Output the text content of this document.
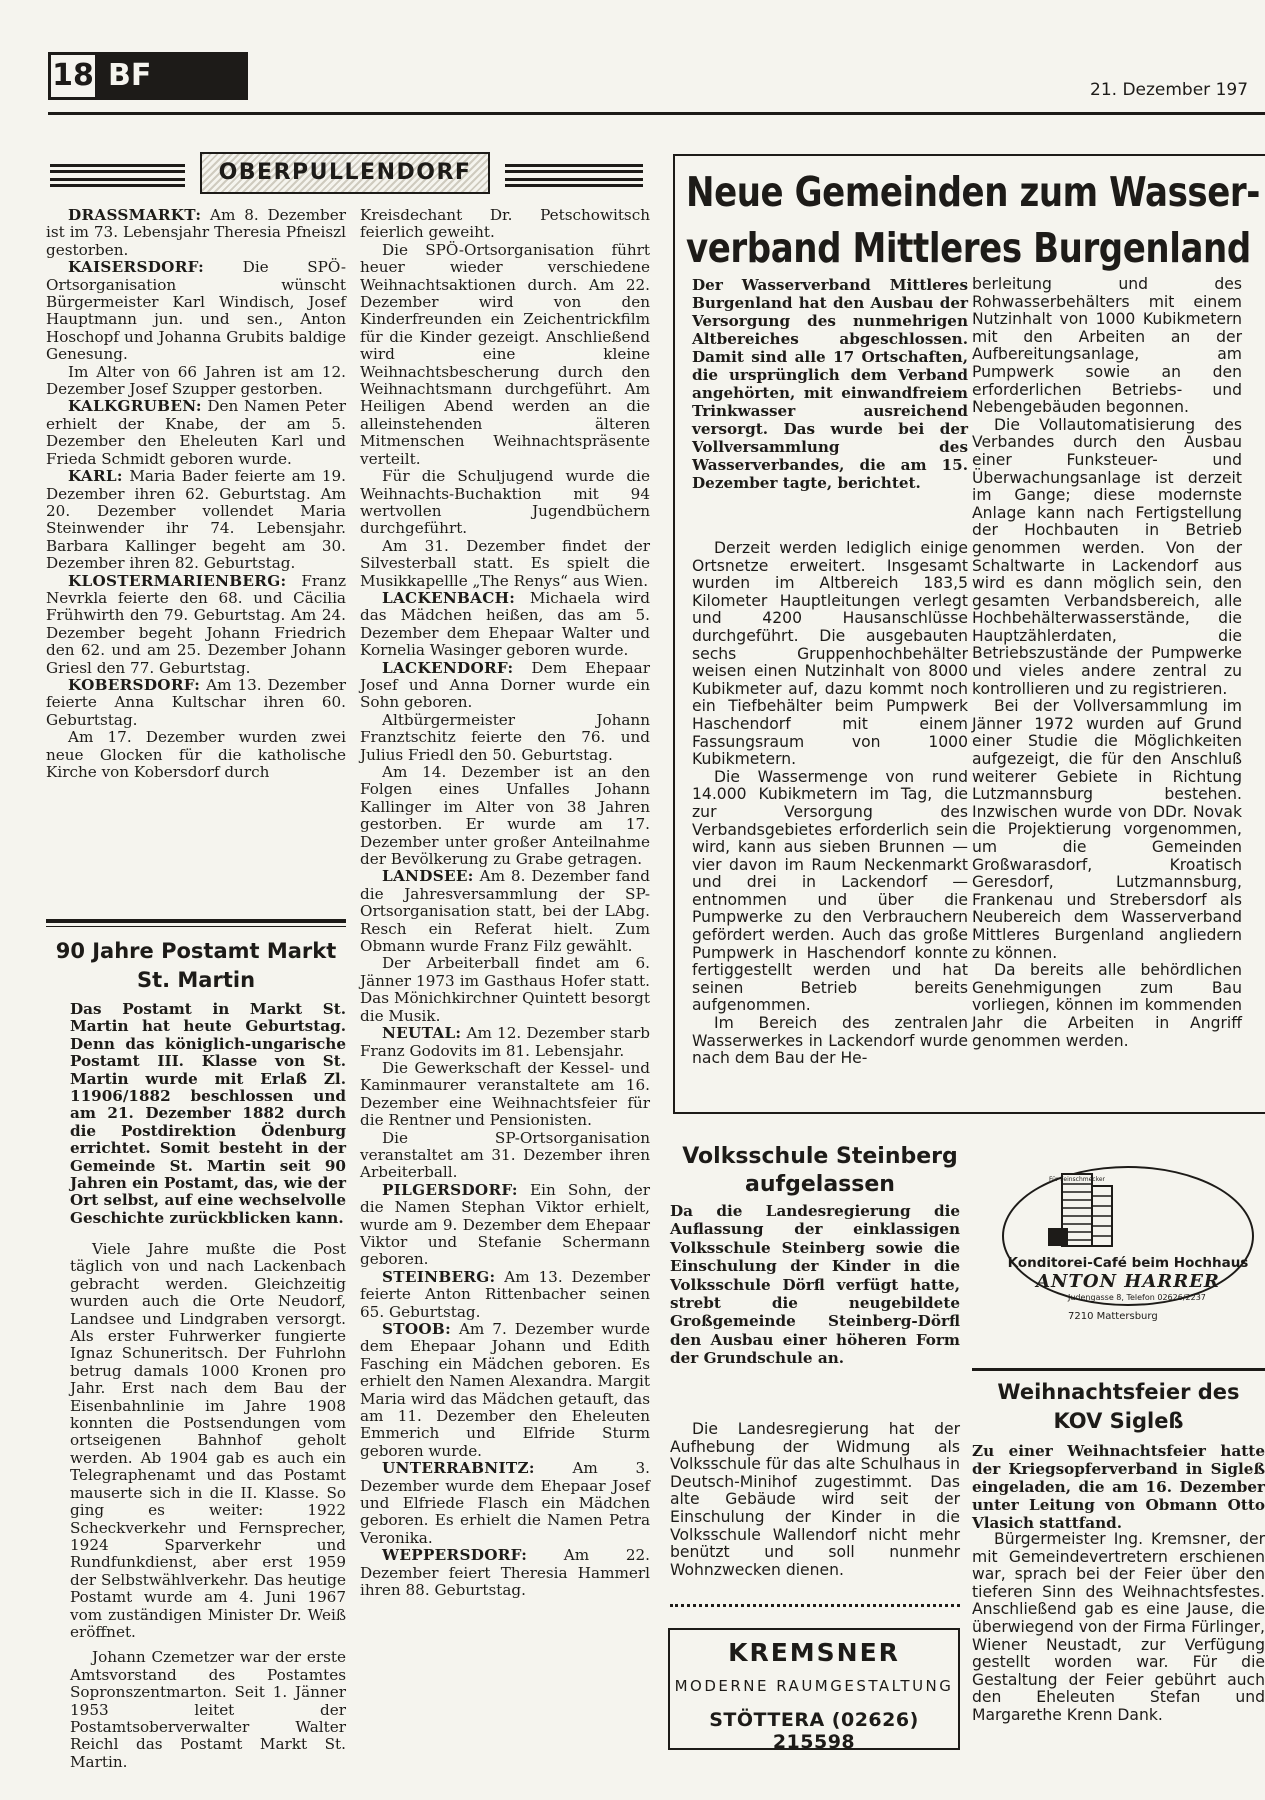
18 BF	21. Dezember 197
OBERPULLENDORF

DRASSMARKT: Am 8. Dezember ist im 73. Lebensjahr Theresia Pfneiszl gestorben.

KAISERSDORF: Die SPÖ-Ortsorganisation wünscht Bürgermeister Karl Windisch, Josef Hauptmann jun. und sen., Anton Hoschopf und Johanna Grubits baldige Genesung.

Im Alter von 66 Jahren ist am 12. Dezember Josef Szupper gestorben.

KALKGRUBEN: Den Namen Peter erhielt der Knabe, der am 5. Dezember den Eheleuten Karl und Frieda Schmidt geboren wurde.

KARL: Maria Bader feierte am 19. Dezember ihren 62. Geburtstag. Am 20. Dezember vollendet Maria Steinwender ihr 74. Lebensjahr. Barbara Kallinger begeht am 30. Dezember ihren 82. Geburtstag.

KLOSTERMARIENBERG: Franz Nevrkla feierte den 68. und Cäcilia Frühwirth den 79. Geburtstag. Am 24. Dezember begeht Johann Friedrich den 62. und am 25. Dezember Johann Griesl den 77. Geburtstag.

KOBERSDORF: Am 13. Dezember feierte Anna Kultschar ihren 60. Geburtstag.

Am 17. Dezember wurden zwei neue Glocken für die katholische Kirche von Kobersdorf durch

Kreisdechant Dr. Petschowitsch feierlich geweiht.

Die SPÖ-Ortsorganisation führt heuer wieder verschiedene Weihnachtsaktionen durch. Am 22. Dezember wird von den Kinderfreunden ein Zeichentrickfilm für die Kinder gezeigt. Anschließend wird eine kleine Weihnachtsbescherung durch den Weihnachtsmann durchgeführt. Am Heiligen Abend werden an die alleinstehenden älteren Mitmenschen Weihnachtspräsente verteilt.

Für die Schuljugend wurde die Weihnachts-Buchaktion mit 94 wertvollen Jugendbüchern durchgeführt.

Am 31. Dezember findet der Silvesterball statt. Es spielt die Musikkapellle „The Renys“ aus Wien.

LACKENBACH: Michaela wird das Mädchen heißen, das am 5. Dezember dem Ehepaar Walter und Kornelia Wasinger geboren wurde.

LACKENDORF: Dem Ehepaar Josef und Anna Dorner wurde ein Sohn geboren.

Altbürgermeister Johann Franztschitz feierte den 76. und Julius Friedl den 50. Geburtstag.

Am 14. Dezember ist an den Folgen eines Unfalles Johann Kallinger im Alter von 38 Jahren gestorben. Er wurde am 17. Dezember unter großer Anteilnahme der Bevölkerung zu Grabe getragen.

LANDSEE: Am 8. Dezember fand die Jahresversammlung der SP-Ortsorganisation statt, bei der LAbg. Resch ein Referat hielt. Zum Obmann wurde Franz Filz gewählt.

Der Arbeiterball findet am 6. Jänner 1973 im Gasthaus Hofer statt. Das Mönichkirchner Quintett besorgt die Musik.

NEUTAL: Am 12. Dezember starb Franz Godovits im 81. Lebensjahr.

Die Gewerkschaft der Kessel- und Kaminmaurer veranstaltete am 16. Dezember eine Weihnachtsfeier für die Rentner und Pensionisten.

Die SP-Ortsorganisation veranstaltet am 31. Dezember ihren Arbeiterball.

PILGERSDORF: Ein Sohn, der die Namen Stephan Viktor erhielt, wurde am 9. Dezember dem Ehepaar Viktor und Stefanie Schermann geboren.

STEINBERG: Am 13. Dezember feierte Anton Rittenbacher seinen 65. Geburtstag.

STOOB: Am 7. Dezember wurde dem Ehepaar Johann und Edith Fasching ein Mädchen geboren. Es erhielt den Namen Alexandra. Margit Maria wird das Mädchen getauft, das am 11. Dezember den Eheleuten Emmerich und Elfride Sturm geboren wurde.

UNTERRABNITZ: Am 3. Dezember wurde dem Ehepaar Josef und Elfriede Flasch ein Mädchen geboren. Es erhielt die Namen Petra Veronika.

WEPPERSDORF: Am 22. Dezember feiert Theresia Hammerl ihren 88. Geburtstag.

90 Jahre Postamt Markt
St. Martin
Das Postamt in Markt St. Martin hat heute Geburtstag. Denn das königlich-ungarische Postamt III. Klasse von St. Martin wurde mit Erlaß Zl. 11906/1882 beschlossen und am 21. Dezember 1882 durch die Postdirektion Ödenburg errichtet. Somit besteht in der Gemeinde St. Martin seit 90 Jahren ein Postamt, das, wie der Ort selbst, auf eine wechselvolle Geschichte zurückblicken kann.

Viele Jahre mußte die Post täglich von und nach Lackenbach gebracht werden. Gleichzeitig wurden auch die Orte Neudorf, Landsee und Lindgraben versorgt. Als erster Fuhrwerker fungierte Ignaz Schuneritsch. Der Fuhrlohn betrug damals 1000 Kronen pro Jahr. Erst nach dem Bau der Eisenbahnlinie im Jahre 1908 konnten die Postsendungen vom ortseigenen Bahnhof geholt werden. Ab 1904 gab es auch ein Telegraphenamt und das Postamt mauserte sich in die II. Klasse. So ging es weiter: 1922 Scheckverkehr und Fernsprecher, 1924 Sparverkehr und Rundfunkdienst, aber erst 1959 der Selbstwählverkehr. Das heutige Postamt wurde am 4. Juni 1967 vom zuständigen Minister Dr. Weiß eröffnet.

Johann Czemetzer war der erste Amtsvorstand des Postamtes Sopronszentmarton. Seit 1. Jänner 1953 leitet der Postamtsoberverwalter Walter Reichl das Postamt Markt St. Martin.

Neue Gemeinden zum Wasser-
verband Mittleres Burgenland
Der Wasserverband Mittleres Burgenland hat den Ausbau der Versorgung des nunmehrigen Altbereiches abgeschlossen. Damit sind alle 17 Ortschaften, die ursprünglich dem Verband angehörten, mit einwandfreiem Trinkwasser ausreichend versorgt. Das wurde bei der Vollversammlung des Wasserverbandes, die am 15. Dezember tagte, berichtet.

Derzeit werden lediglich einige Ortsnetze erweitert. Insgesamt wurden im Altbereich 183,5 Kilometer Hauptleitungen verlegt und 4200 Hausanschlüsse durchgeführt. Die ausgebauten sechs Gruppenhochbehälter weisen einen Nutzinhalt von 8000 Kubikmeter auf, dazu kommt noch ein Tiefbehälter beim Pumpwerk Haschendorf mit einem Fassungsraum von 1000 Kubikmetern.

Die Wassermenge von rund 14.000 Kubikmetern im Tag, die zur Versorgung des Verbandsgebietes erforderlich sein wird, kann aus sieben Brunnen — vier davon im Raum Neckenmarkt und drei in Lackendorf — entnommen und über die Pumpwerke zu den Verbrauchern gefördert werden. Auch das große Pumpwerk in Haschendorf konnte fertiggestellt werden und hat seinen Betrieb bereits aufgenommen.

Im Bereich des zentralen Wasserwerkes in Lackendorf wurde nach dem Bau der He-

berleitung und des Rohwasserbehälters mit einem Nutzinhalt von 1000 Kubikmetern mit den Arbeiten an der Aufbereitungsanlage, am Pumpwerk sowie an den erforderlichen Betriebs- und Nebengebäuden begonnen.

Die Vollautomatisierung des Verbandes durch den Ausbau einer Funksteuer- und Überwachungsanlage ist derzeit im Gange; diese modernste Anlage kann nach Fertigstellung der Hochbauten in Betrieb genommen werden. Von der Schaltwarte in Lackendorf aus wird es dann möglich sein, den gesamten Verbandsbereich, alle Hochbehälterwasserstände, die Hauptzählerdaten, die Betriebszustände der Pumpwerke und vieles andere zentral zu kontrollieren und zu registrieren.

Bei der Vollversammlung im Jänner 1972 wurden auf Grund einer Studie die Möglichkeiten aufgezeigt, die für den Anschluß weiterer Gebiete in Richtung Lutzmannsburg bestehen. Inzwischen wurde von DDr. Novak die Projektierung vorgenommen, um die Gemeinden Großwarasdorf, Kroatisch Geresdorf, Lutzmannsburg, Frankenau und Strebersdorf als Neubereich dem Wasserverband Mittleres Burgenland angliedern zu können.

Da bereits alle behördlichen Genehmigungen zum Bau vorliegen, können im kommenden Jahr die Arbeiten in Angriff genommen werden.

Volksschule Steinberg
aufgelassen
Da die Landesregierung die Auflassung der einklassigen Volksschule Steinberg sowie die Einschulung der Kinder in die Volksschule Dörfl verfügt hatte, strebt die neugebildete Großgemeinde Steinberg-Dörfl den Ausbau einer höheren Form der Grundschule an.

Die Landesregierung hat der Aufhebung der Widmung als Volksschule für das alte Schulhaus in Deutsch-Minihof zugestimmt. Das alte Gebäude wird seit der Einschulung der Kinder in die Volksschule Wallendorf nicht mehr benützt und soll nunmehr Wohnzwecken dienen.

KREMSNER
MODERNE RAUMGESTALTUNG
STÖTTERA (02626) 215598
Für Feinschmecker
Konditorei-Café beim Hochhaus
ANTON HARRER
Judengasse 8, Telefon 02626/2237
7210 Mattersburg
Weihnachtsfeier des
KOV Sigleß
Zu einer Weihnachtsfeier hatte der Kriegsopferverband in Sigleß eingeladen, die am 16. Dezember unter Leitung von Obmann Otto Vlasich stattfand.

Bürgermeister Ing. Kremsner, der mit Gemeindevertretern erschienen war, sprach bei der Feier über den tieferen Sinn des Weihnachtsfestes. Anschließend gab es eine Jause, die überwiegend von der Firma Fürlinger, Wiener Neustadt, zur Verfügung gestellt worden war. Für die Gestaltung der Feier gebührt auch den Eheleuten Stefan und Margarethe Krenn Dank.
